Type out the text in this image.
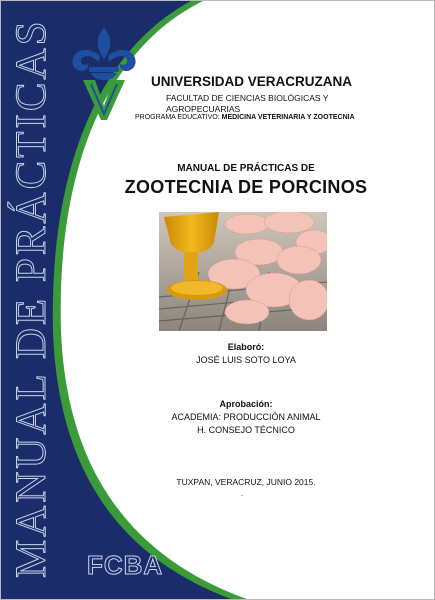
MANUAL DE PRÁCTICAS FCBA
UNIVERSIDAD VERACRUZANA
FACULTAD DE CIENCIAS BIOLÓGICAS Y AGROPECUARIAS
PROGRAMA EDUCATIVO: MEDICINA VETERINARIA Y ZOOTECNIA
MANUAL DE PRÁCTICAS DE
ZOOTECNIA DE PORCINOS
Elaboró:
JOSÉ LUIS SOTO LOYA
Aprobación:
ACADEMIA: PRODUCCIÓN ANIMAL
H. CONSEJO TÉCNICO
TUXPAN, VERACRUZ, JUNIO 2015.
.
